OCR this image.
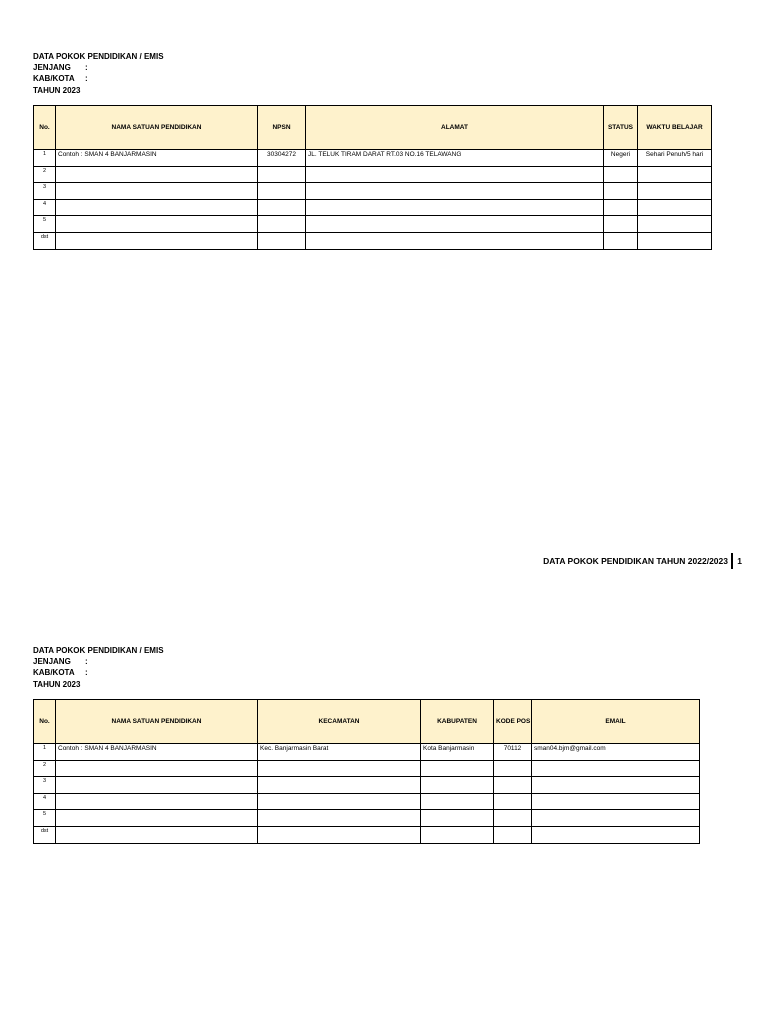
DATA POKOK PENDIDIKAN / EMIS
JENJANG :
KAB/KOTA :
TAHUN 2023
No.	NAMA SATUAN PENDIDIKAN	NPSN	ALAMAT	STATUS	WAKTU BELAJAR
1	Contoh : SMAN 4 BANJARMASIN	30304272	JL. TELUK TIRAM DARAT RT.03 NO.16 TELAWANG	Negeri	Sehari Penuh/5 hari
2					
3					
4					
5					
dst					
DATA POKOK PENDIDIKAN TAHUN 2022/2023 1
DATA POKOK PENDIDIKAN / EMIS
JENJANG :
KAB/KOTA :
TAHUN 2023
No.	NAMA SATUAN PENDIDIKAN	KECAMATAN	KABUPATEN	KODE POS	EMAIL
1	Contoh : SMAN 4 BANJARMASIN	Kec. Banjarmasin Barat	Kota Banjarmasin	70112	sman04.bjm@gmail.com
2					
3					
4					
5					
dst					
